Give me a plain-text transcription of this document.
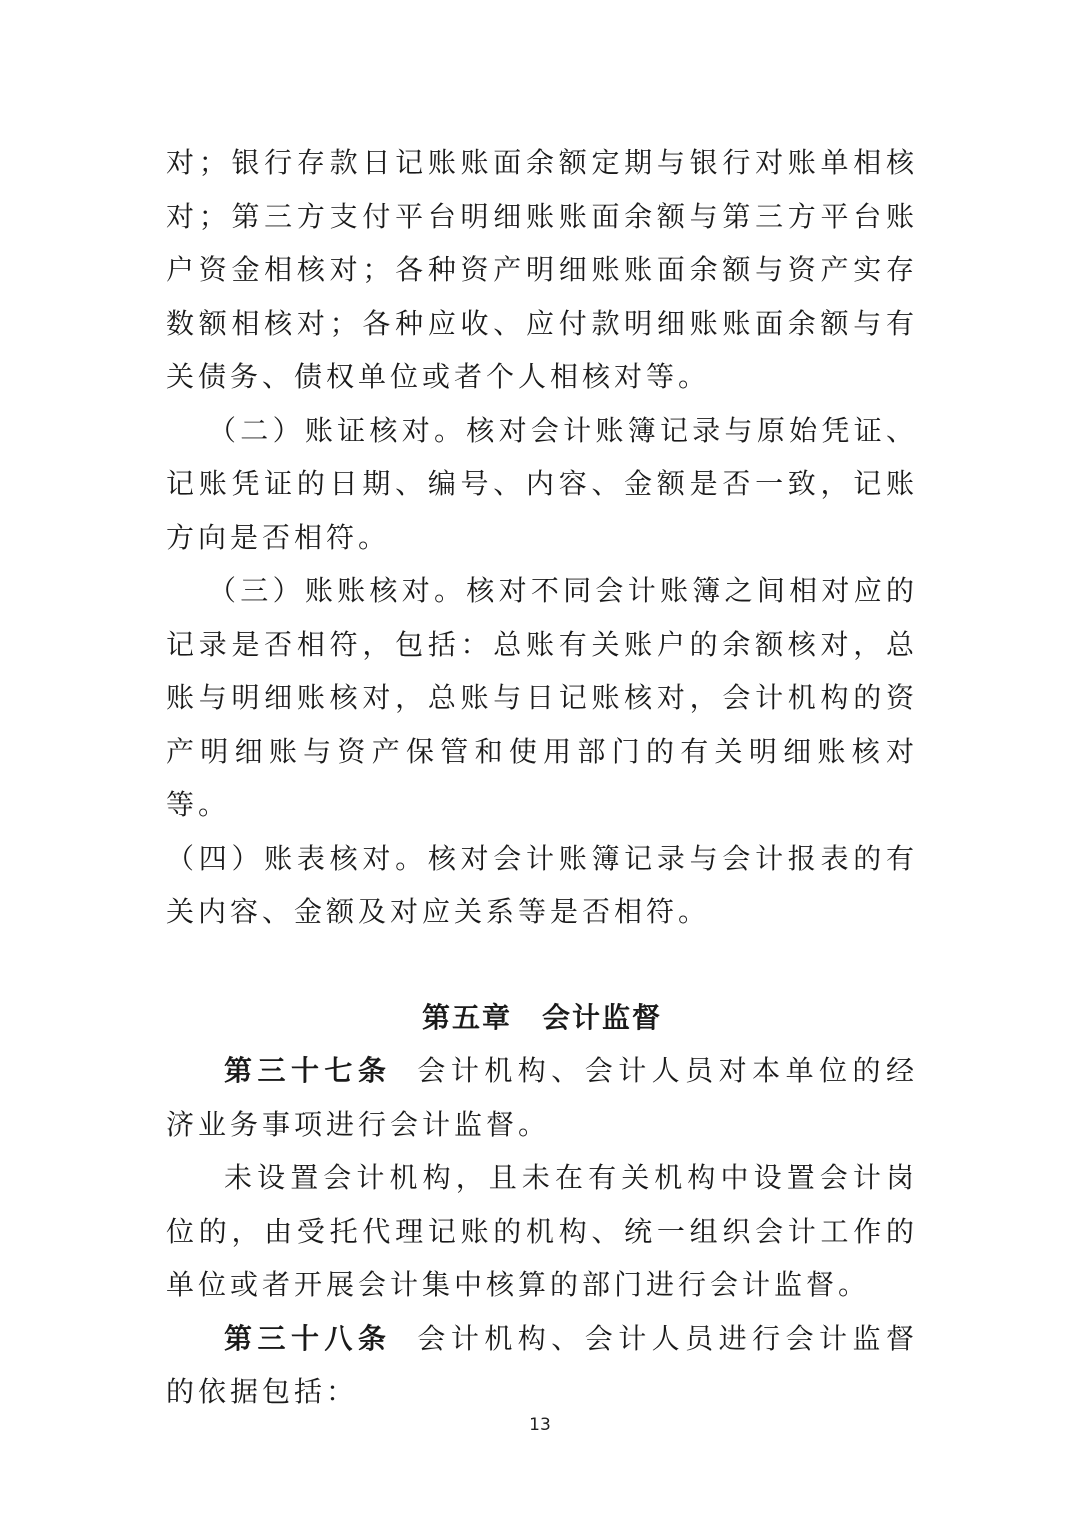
对；银行存款日记账账面余额定期与银行对账单相核对；第三方支付平台明细账账面余额与第三方平台账户资金相核对；各种资产明细账账面余额与资产实存数额相核对；各种应收、应付款明细账账面余额与有关债务、债权单位或者个人相核对等。

（二）账证核对。核对会计账簿记录与原始凭证、记账凭证的日期、编号、内容、金额是否一致，记账方向是否相符。

（三）账账核对。核对不同会计账簿之间相对应的记录是否相符，包括：总账有关账户的余额核对，总账与明细账核对，总账与日记账核对，会计机构的资产明细账与资产保管和使用部门的有关明细账核对等。

（四）账表核对。核对会计账簿记录与会计报表的有关内容、金额及对应关系等是否相符。

第五章　会计监督

第三十七条 会计机构、会计人员对本单位的经济业务事项进行会计监督。

未设置会计机构，且未在有关机构中设置会计岗位的，由受托代理记账的机构、统一组织会计工作的单位或者开展会计集中核算的部门进行会计监督。

第三十八条 会计机构、会计人员进行会计监督的依据包括：

13
